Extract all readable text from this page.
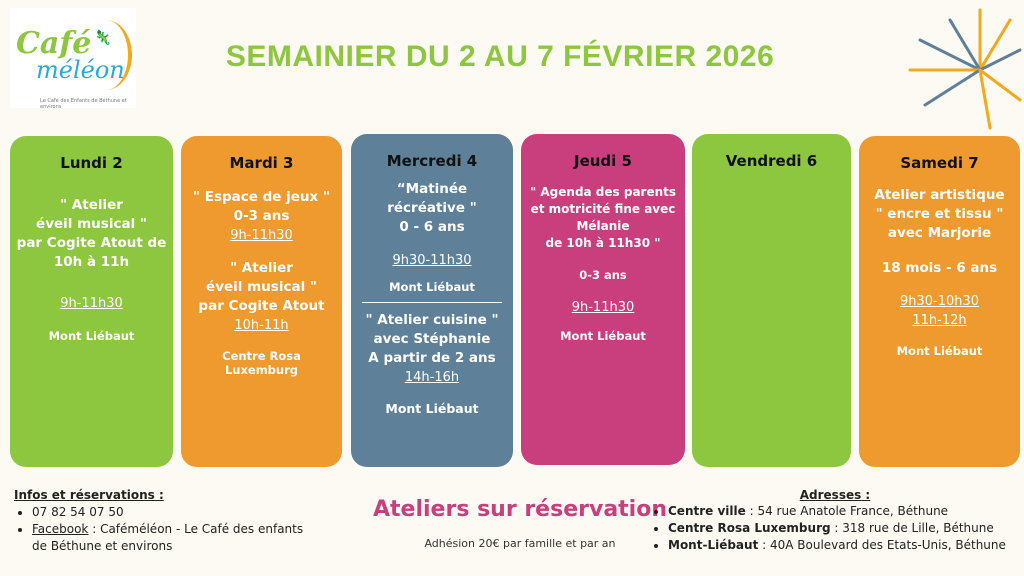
Café
méléon
🦎
Le Café des Enfants de Béthune et environs
SEMAINIER DU 2 AU 7 FÉVRIER 2026
Lundi 2
" Atelier
éveil musical "
par Cogite Atout de
10h à 11h
9h-11h30
Mont Liébaut
Mardi 3
" Espace de jeux "
0-3 ans
9h-11h30
" Atelier
éveil musical "
par Cogite Atout
10h-11h
Centre Rosa Luxemburg
Mercredi 4
“Matinée
récréative "
0 - 6 ans
9h30-11h30
Mont Liébaut
" Atelier cuisine "
avec Stéphanie
A partir de 2 ans
14h-16h
Mont Liébaut
Jeudi 5
" Agenda des parents
et motricité fine avec
Mélanie
de 10h à 11h30 "
0-3 ans
9h-11h30
Mont Liébaut
Vendredi 6	Samedi 7
Atelier artistique
" encre et tissu "
avec Marjorie
18 mois - 6 ans
9h30-10h30
11h-12h
Mont Liébaut
Infos et réservations :
• 07 82 54 07 50
• Facebook : Caféméléon - Le Café des enfants de Béthune et environs
Ateliers sur réservation
Adhésion 20€ par famille et par an
Adresses :
• Centre ville : 54 rue Anatole France, Béthune
• Centre Rosa Luxemburg : 318 rue de Lille, Béthune
• Mont-Liébaut : 40A Boulevard des Etats-Unis, Béthune
